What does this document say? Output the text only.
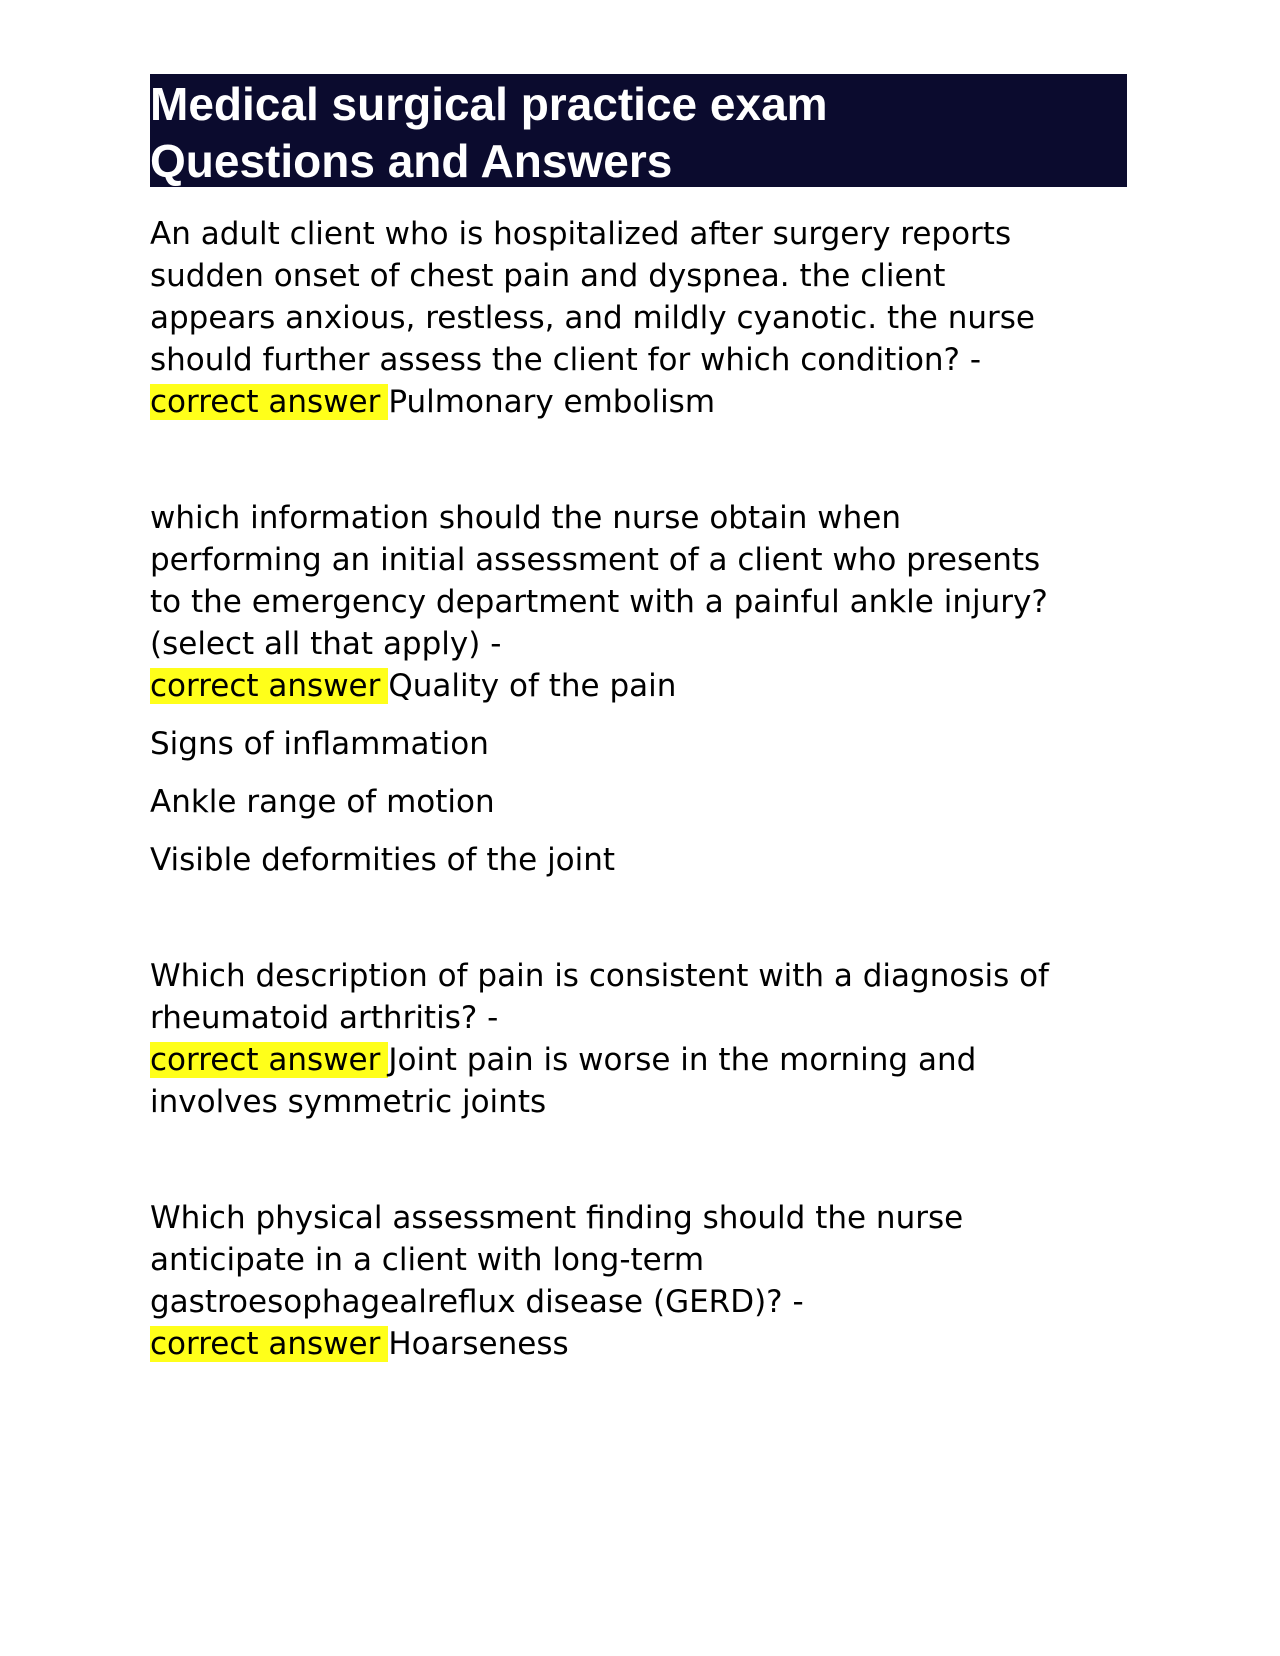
Medical surgical practice exam
Questions and Answers
An adult client who is hospitalized after surgery reports
sudden onset of chest pain and dyspnea. the client
appears anxious, restless, and mildly cyanotic. the nurse
should further assess the client for which condition? -
correct answer Pulmonary embolism
which information should the nurse obtain when
performing an initial assessment of a client who presents
to the emergency department with a painful ankle injury?
(select all that apply) -
correct answer Quality of the pain
Signs of inflammation
Ankle range of motion
Visible deformities of the joint
Which description of pain is consistent with a diagnosis of
rheumatoid arthritis? -
correct answer Joint pain is worse in the morning and
involves symmetric joints
Which physical assessment finding should the nurse
anticipate in a client with long-term
gastroesophagealreflux disease (GERD)? -
correct answer Hoarseness
